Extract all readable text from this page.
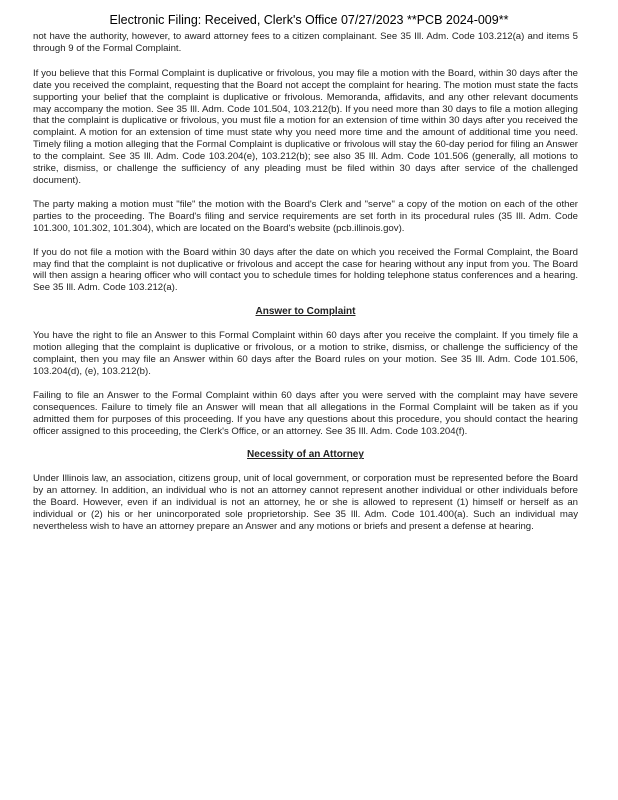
Electronic Filing: Received, Clerk's Office 07/27/2023 **PCB 2024-009**

not have the authority, however, to award attorney fees to a citizen complainant. See 35 Ill. Adm. Code 103.212(a) and items 5 through 9 of the Formal Complaint.

If you believe that this Formal Complaint is duplicative or frivolous, you may file a motion with the Board, within 30 days after the date you received the complaint, requesting that the Board not accept the complaint for hearing. The motion must state the facts supporting your belief that the complaint is duplicative or frivolous. Memoranda, affidavits, and any other relevant documents may accompany the motion. See 35 Ill. Adm. Code 101.504, 103.212(b). If you need more than 30 days to file a motion alleging that the complaint is duplicative or frivolous, you must file a motion for an extension of time within 30 days after you received the complaint. A motion for an extension of time must state why you need more time and the amount of additional time you need. Timely filing a motion alleging that the Formal Complaint is duplicative or frivolous will stay the 60-day period for filing an Answer to the complaint. See 35 Ill. Adm. Code 103.204(e), 103.212(b); see also 35 Ill. Adm. Code 101.506 (generally, all motions to strike, dismiss, or challenge the sufficiency of any pleading must be filed within 30 days after service of the challenged document).

The party making a motion must "file" the motion with the Board's Clerk and "serve" a copy of the motion on each of the other parties to the proceeding. The Board's filing and service requirements are set forth in its procedural rules (35 Ill. Adm. Code 101.300, 101.302, 101.304), which are located on the Board's website (pcb.illinois.gov).

If you do not file a motion with the Board within 30 days after the date on which you received the Formal Complaint, the Board may find that the complaint is not duplicative or frivolous and accept the case for hearing without any input from you. The Board will then assign a hearing officer who will contact you to schedule times for holding telephone status conferences and a hearing. See 35 Ill. Adm. Code 103.212(a).

Answer to Complaint

You have the right to file an Answer to this Formal Complaint within 60 days after you receive the complaint. If you timely file a motion alleging that the complaint is duplicative or frivolous, or a motion to strike, dismiss, or challenge the sufficiency of the complaint, then you may file an Answer within 60 days after the Board rules on your motion. See 35 Ill. Adm. Code 101.506, 103.204(d), (e), 103.212(b).

Failing to file an Answer to the Formal Complaint within 60 days after you were served with the complaint may have severe consequences. Failure to timely file an Answer will mean that all allegations in the Formal Complaint will be taken as if you admitted them for purposes of this proceeding. If you have any questions about this procedure, you should contact the hearing officer assigned to this proceeding, the Clerk's Office, or an attorney. See 35 Ill. Adm. Code 103.204(f).

Necessity of an Attorney

Under Illinois law, an association, citizens group, unit of local government, or corporation must be represented before the Board by an attorney. In addition, an individual who is not an attorney cannot represent another individual or other individuals before the Board. However, even if an individual is not an attorney, he or she is allowed to represent (1) himself or herself as an individual or (2) his or her unincorporated sole proprietorship. See 35 Ill. Adm. Code 101.400(a). Such an individual may nevertheless wish to have an attorney prepare an Answer and any motions or briefs and present a defense at hearing.
